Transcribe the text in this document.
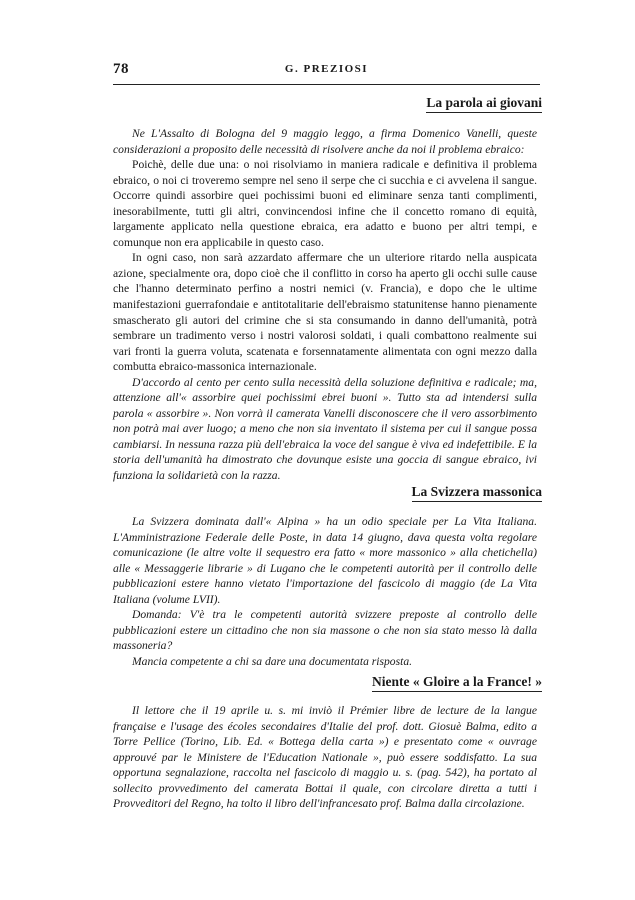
78	G. PREZIOSI
La parola ai giovani

Ne L'Assalto di Bologna del 9 maggio leggo, a firma Domenico Vanelli, queste considerazioni a proposito delle necessità di risolvere anche da noi il problema ebraico:

Poichè, delle due una: o noi risolviamo in maniera radicale e definitiva il problema ebraico, o noi ci troveremo sempre nel seno il serpe che ci succhia e ci avvelena il sangue. Occorre quindi assorbire quei pochissimi buoni ed eliminare senza tanti complimenti, inesorabilmente, tutti gli altri, convincendosi infine che il concetto romano di equità, largamente applicato nella questione ebraica, era adatto e buono per altri tempi, e comunque non era applicabile in questo caso.

In ogni caso, non sarà azzardato affermare che un ulteriore ritardo nella auspicata azione, specialmente ora, dopo cioè che il conflitto in corso ha aperto gli occhi sulle cause che l'hanno determinato perfino a nostri nemici (v. Francia), e dopo che le ultime manifestazioni guerrafondaie e antitotalitarie dell'ebraismo statunitense hanno pienamente smascherato gli autori del crimine che si sta consumando in danno dell'umanità, potrà sembrare un tradimento verso i nostri valorosi soldati, i quali combattono realmente sui vari fronti la guerra voluta, scatenata e forsennatamente alimentata con ogni mezzo dalla combutta ebraico-massonica internazionale.

D'accordo al cento per cento sulla necessità della soluzione definitiva e radicale; ma, attenzione all'« assorbire quei pochissimi ebrei buoni ». Tutto sta ad intendersi sulla parola « assorbire ». Non vorrà il camerata Vanelli disconoscere che il vero assorbimento non potrà mai aver luogo; a meno che non sia inventato il sistema per cui il sangue possa cambiarsi. In nessuna razza più dell'ebraica la voce del sangue è viva ed indefettibile. E la storia dell'umanità ha dimostrato che dovunque esiste una goccia di sangue ebraico, ivi funziona la solidarietà con la razza.

La Svizzera massonica

La Svizzera dominata dall'« Alpina » ha un odio speciale per La Vita Italiana. L'Amministrazione Federale delle Poste, in data 14 giugno, dava questa volta regolare comunicazione (le altre volte il sequestro era fatto « more massonico » alla chetichella) alle « Messaggerie librarie » di Lugano che le competenti autorità per il controllo delle pubblicazioni estere hanno vietato l'importazione del fascicolo di maggio (de La Vita Italiana (volume LVII).

Domanda: V'è tra le competenti autorità svizzere preposte al controllo delle pubblicazioni estere un cittadino che non sia massone o che non sia stato messo là dalla massoneria?

Mancia competente a chi sa dare una documentata risposta.

Niente « Gloire a la France! »

Il lettore che il 19 aprile u. s. mi inviò il Prémier libre de lecture de la langue française e l'usage des écoles secondaires d'Italie del prof. dott. Giosuè Balma, edito a Torre Pellice (Torino, Lib. Ed. « Bottega della carta ») e presentato come « ouvrage approuvé par le Ministere de l'Education Nationale », può essere soddisfatto. La sua opportuna segnalazione, raccolta nel fascicolo di maggio u. s. (pag. 542), ha portato al sollecito provvedimento del camerata Bottai il quale, con circolare diretta a tutti i Provveditori del Regno, ha tolto il libro dell'infrancesato prof. Balma dalla circolazione.
